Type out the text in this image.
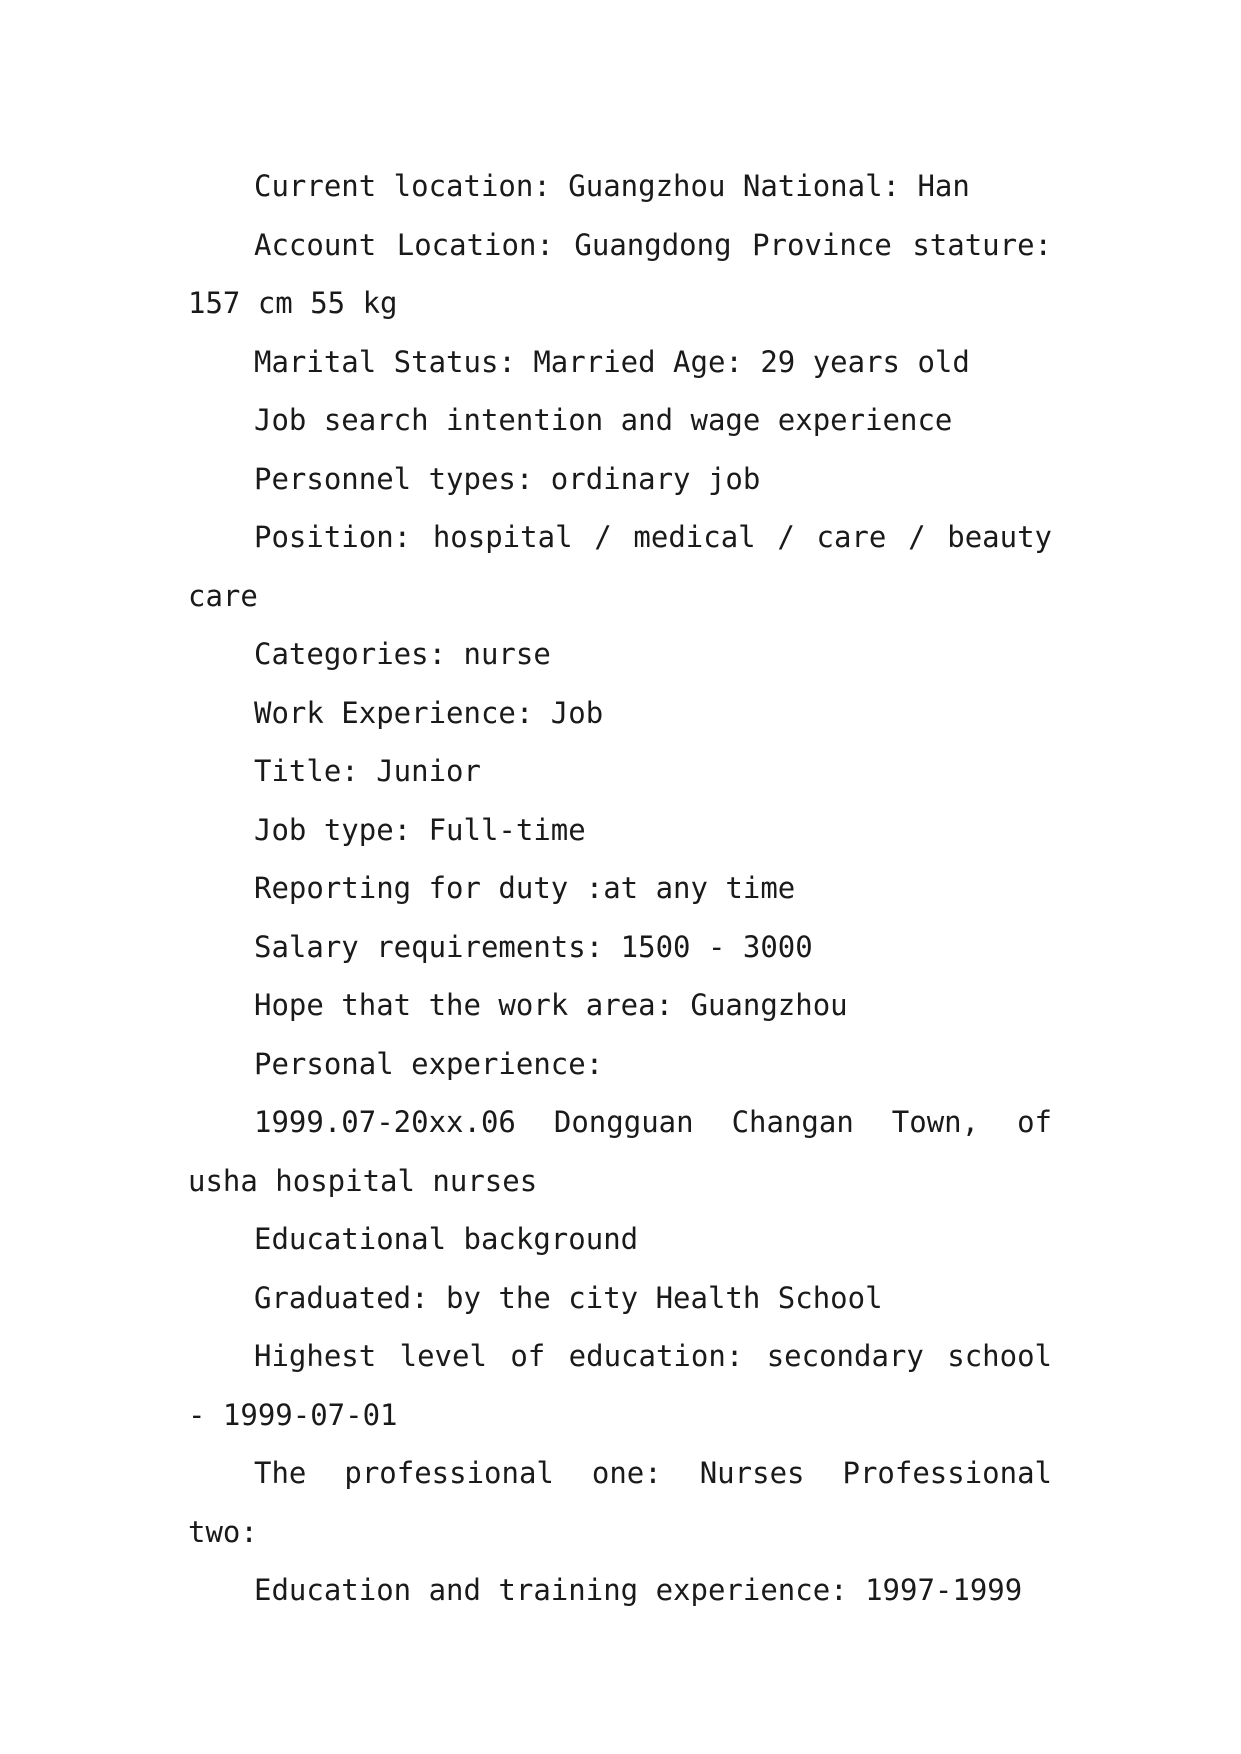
Current location: Guangzhou National: Han

Account Location: Guangdong Province stature: 157 cm 55 kg

Marital Status: Married Age: 29 years old

Job search intention and wage experience

Personnel types: ordinary job

Position: hospital / medical / care / beauty care

Categories: nurse

Work Experience: Job

Title: Junior

Job type: Full-time

Reporting for duty :at any time

Salary requirements: 1500 - 3000

Hope that the work area: Guangzhou

Personal experience:

1999.07-20xx.06 Dongguan Changan Town, of usha hospital nurses

Educational background

Graduated: by the city Health School

Highest level of education: secondary school - 1999-07-01

The professional one: Nurses Professional two:

Education and training experience: 1997-1999
